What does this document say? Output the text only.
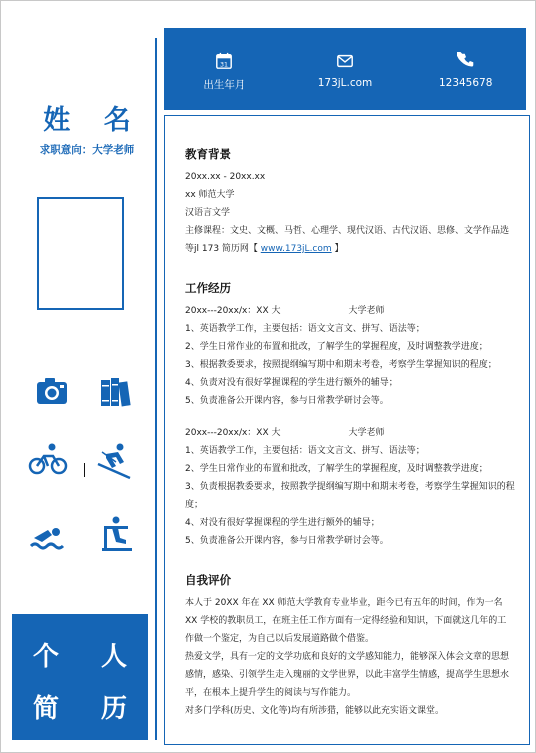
姓 名
求职意向：大学老师
个	人
简	历
31
出生年月	173jL.com	12345678
教育背景
20xx.xx - 20xx.xx
xx 师范大学
汉语言文学
主修课程：文史、文概、马哲、心理学、现代汉语、古代汉语、思修、文学作品选等jl 173 简历网【 www.173jL.com 】
工作经历
20xx---20xx/x：XX 大	大学老师
1、英语教学工作，主要包括：语文文言文、拼写、语法等；
2、学生日常作业的布置和批改，了解学生的掌握程度，及时调整教学进度；
3、根据教委要求，按照提纲编写期中和期末考卷，考察学生掌握知识的程度；
4、负责对没有很好掌握课程的学生进行额外的辅导；
5、负责准备公开课内容，参与日常教学研讨会等。
20xx---20xx/x：XX 大	大学老师
1、英语教学工作，主要包括：语文文言文、拼写、语法等；
2、学生日常作业的布置和批改，了解学生的掌握程度，及时调整教学进度；
3、负责根据教委要求，按照教学提纲编写期中和期末考卷，考察学生掌握知识的程度；
4、对没有很好掌握课程的学生进行额外的辅导；
5、负责准备公开课内容，参与日常教学研讨会等。
自我评价
本人于 20XX 年在 XX 师范大学教育专业毕业，距今已有五年的时间，作为一名 XX 学校的教职员工，在班主任工作方面有一定得经验和知识，下面就这几年的工作做一个鉴定，为自己以后发展道路做个借鉴。
热爱文学，具有一定的文学功底和良好的文学感知能力，能够深入体会文章的思想感情，感染、引领学生走入瑰丽的文学世界，以此丰富学生情感，提高学生思想水平，在根本上提升学生的阅读与写作能力。
对多门学科(历史、文化等)均有所涉猎，能够以此充实语文课堂。
